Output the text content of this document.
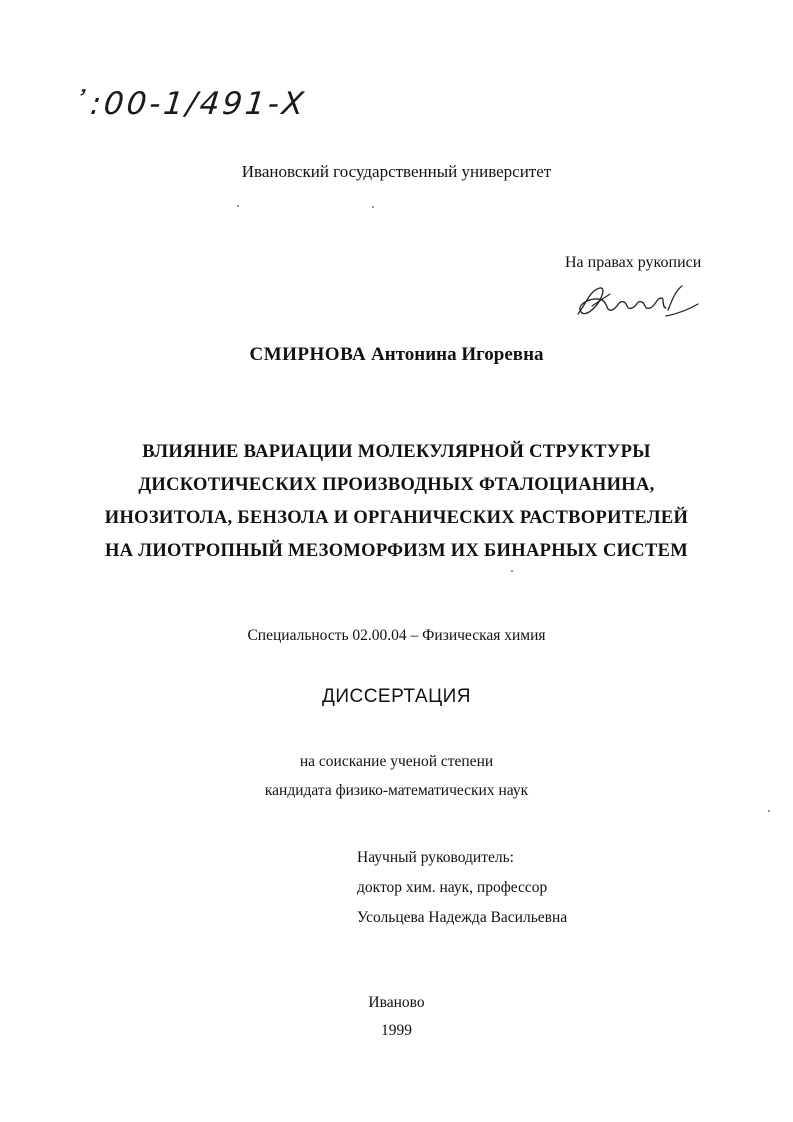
᾽:00-1/491-X
Ивановский государственный университет
На правах рукописи
СМИРНОВА Антонина Игоревна
ВЛИЯНИЕ ВАРИАЦИИ МОЛЕКУЛЯРНОЙ СТРУКТУРЫ
ДИСКОТИЧЕСКИХ ПРОИЗВОДНЫХ ФТАЛОЦИАНИНА,
ИНОЗИТОЛА, БЕНЗОЛА И ОРГАНИЧЕСКИХ РАСТВОРИТЕЛЕЙ
НА ЛИОТРОПНЫЙ МЕЗОМОРФИЗМ ИХ БИНАРНЫХ СИСТЕМ
Специальность 02.00.04 – Физическая химия
ДИССЕРТАЦИЯ
на соискание ученой степени
кандидата физико-математических наук
Научный руководитель:
доктор хим. наук, профессор
Усольцева Надежда Васильевна
Иваново
1999
